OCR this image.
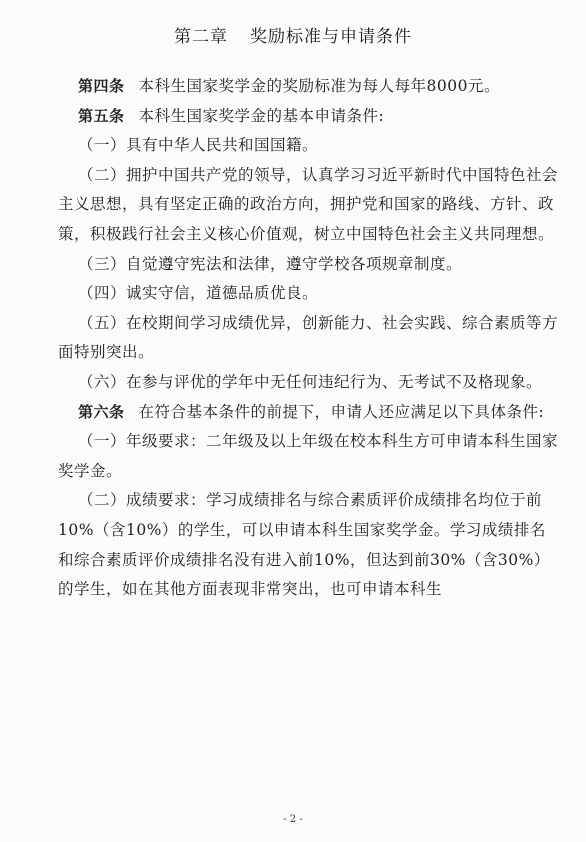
第二章 奖励标准与申请条件

第四条 本科生国家奖学金的奖励标准为每人每年8000元。

第五条 本科生国家奖学金的基本申请条件:

（一）具有中华人民共和国国籍。

（二）拥护中国共产党的领导，认真学习习近平新时代中国特色社会主义思想，具有坚定正确的政治方向，拥护党和国家的路线、方针、政策，积极践行社会主义核心价值观，树立中国特色社会主义共同理想。

（三）自觉遵守宪法和法律，遵守学校各项规章制度。

（四）诚实守信，道德品质优良。

（五）在校期间学习成绩优异，创新能力、社会实践、综合素质等方面特别突出。

（六）在参与评优的学年中无任何违纪行为、无考试不及格现象。

第六条 在符合基本条件的前提下，申请人还应满足以下具体条件:

（一）年级要求：二年级及以上年级在校本科生方可申请本科生国家奖学金。

（二）成绩要求：学习成绩排名与综合素质评价成绩排名均位于前10%（含10%）的学生，可以申请本科生国家奖学金。学习成绩排名和综合素质评价成绩排名没有进入前10%，但达到前30%（含30%）的学生，如在其他方面表现非常突出，也可申请本科生

- 2 -
